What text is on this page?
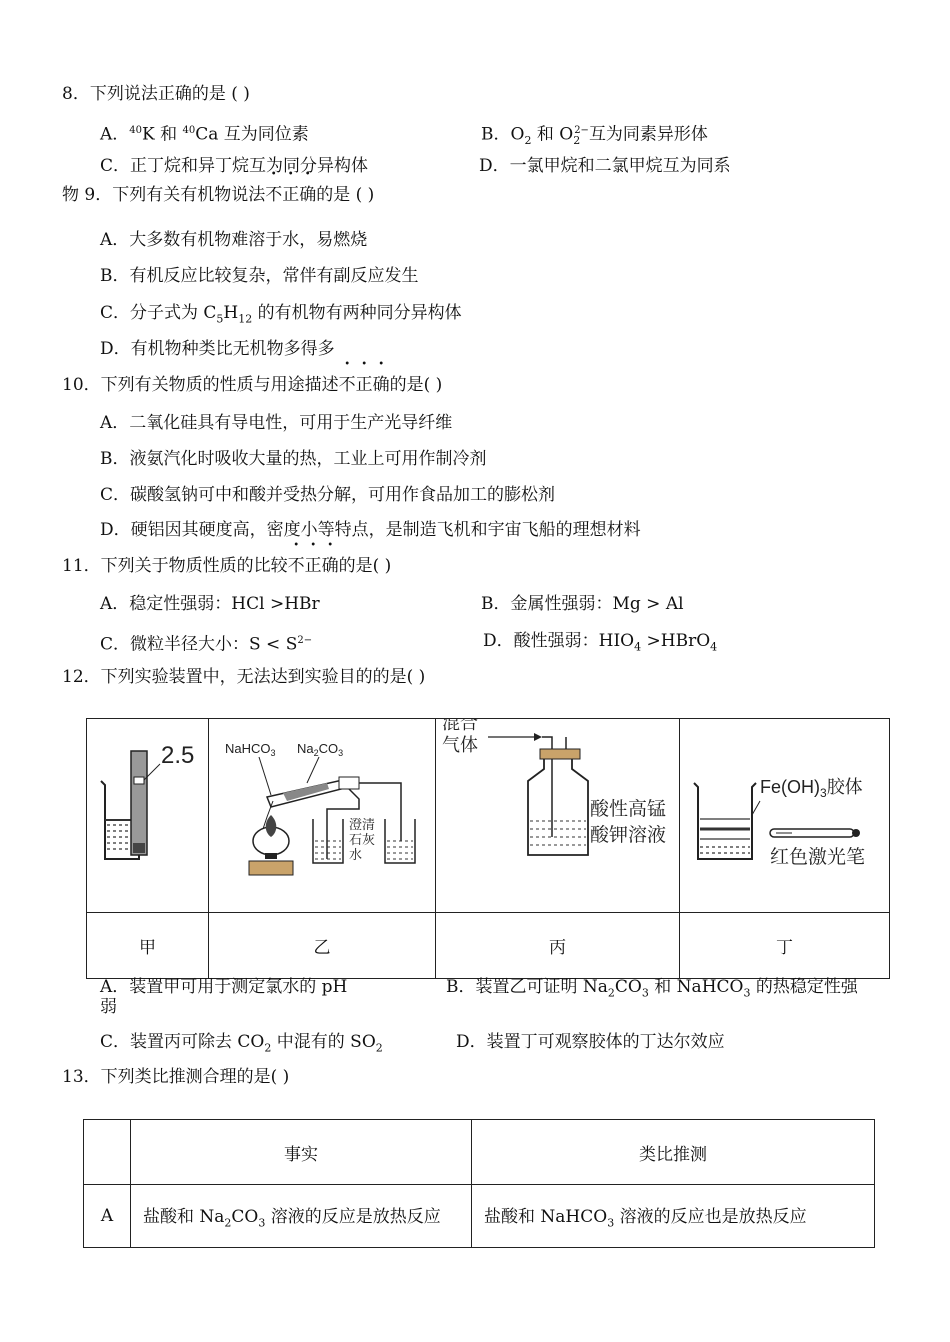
8．下列说法正确的是 ( )
A．$^{40}$K 和 $^{40}$Ca 互为同位素	B．$O_2$ 和 $O_2^{2-}$互为同素异形体
C．正丁烷和异丁烷互为同分异构体	D．一氯甲烷和二氯甲烷互为同系
物 9．下列有关有机物说法不正确的是 ( )
A．大多数有机物难溶于水，易燃烧
B．有机反应比较复杂，常伴有副反应发生
C．分子式为 $C_5H_{12}$ 的有机物有两种同分异构体
D．有机物种类比无机物多得多
10．下列有关物质的性质与用途描述不正确的是( )
A．二氧化硅具有导电性，可用于生产光导纤维
B．液氨汽化时吸收大量的热，工业上可用作制冷剂
C．碳酸氢钠可中和酸并受热分解，可用作食品加工的膨松剂
D．硬铝因其硬度高，密度小等特点，是制造飞机和宇宙飞船的理想材料
11．下列关于物质性质的比较不正确的是( )
A．稳定性强弱：HCl >HBr	B．金属性强弱：Mg > Al
C．微粒半径大小：$S < S^{2-}$	D．酸性强弱：$HIO_4$ >HBrO$_4$
12．下列实验装置中，无法达到实验目的的是( )
2.5	NaHCO$_3$ $Na_2CO_3$
澄清
石灰
水	混合
气体
酸性高锰
酸钾溶液	$Fe(OH)_3$胶体
红色激光笔

甲	乙	丙	丁
A．装置甲可用于测定氯水的 pH	B．装置乙可证明 $Na_2CO_3$ 和 NaHCO$_3$ 的热稳定性强
弱
C．装置丙可除去 $CO_2$ 中混有的 $SO_2$	D．装置丁可观察胶体的丁达尔效应
13．下列类比推测合理的是( )
	事实	类比推测
A	盐酸和 $Na_2CO_3$ 溶液的反应是放热反应	盐酸和 NaHCO$_3$ 溶液的反应也是放热反应
